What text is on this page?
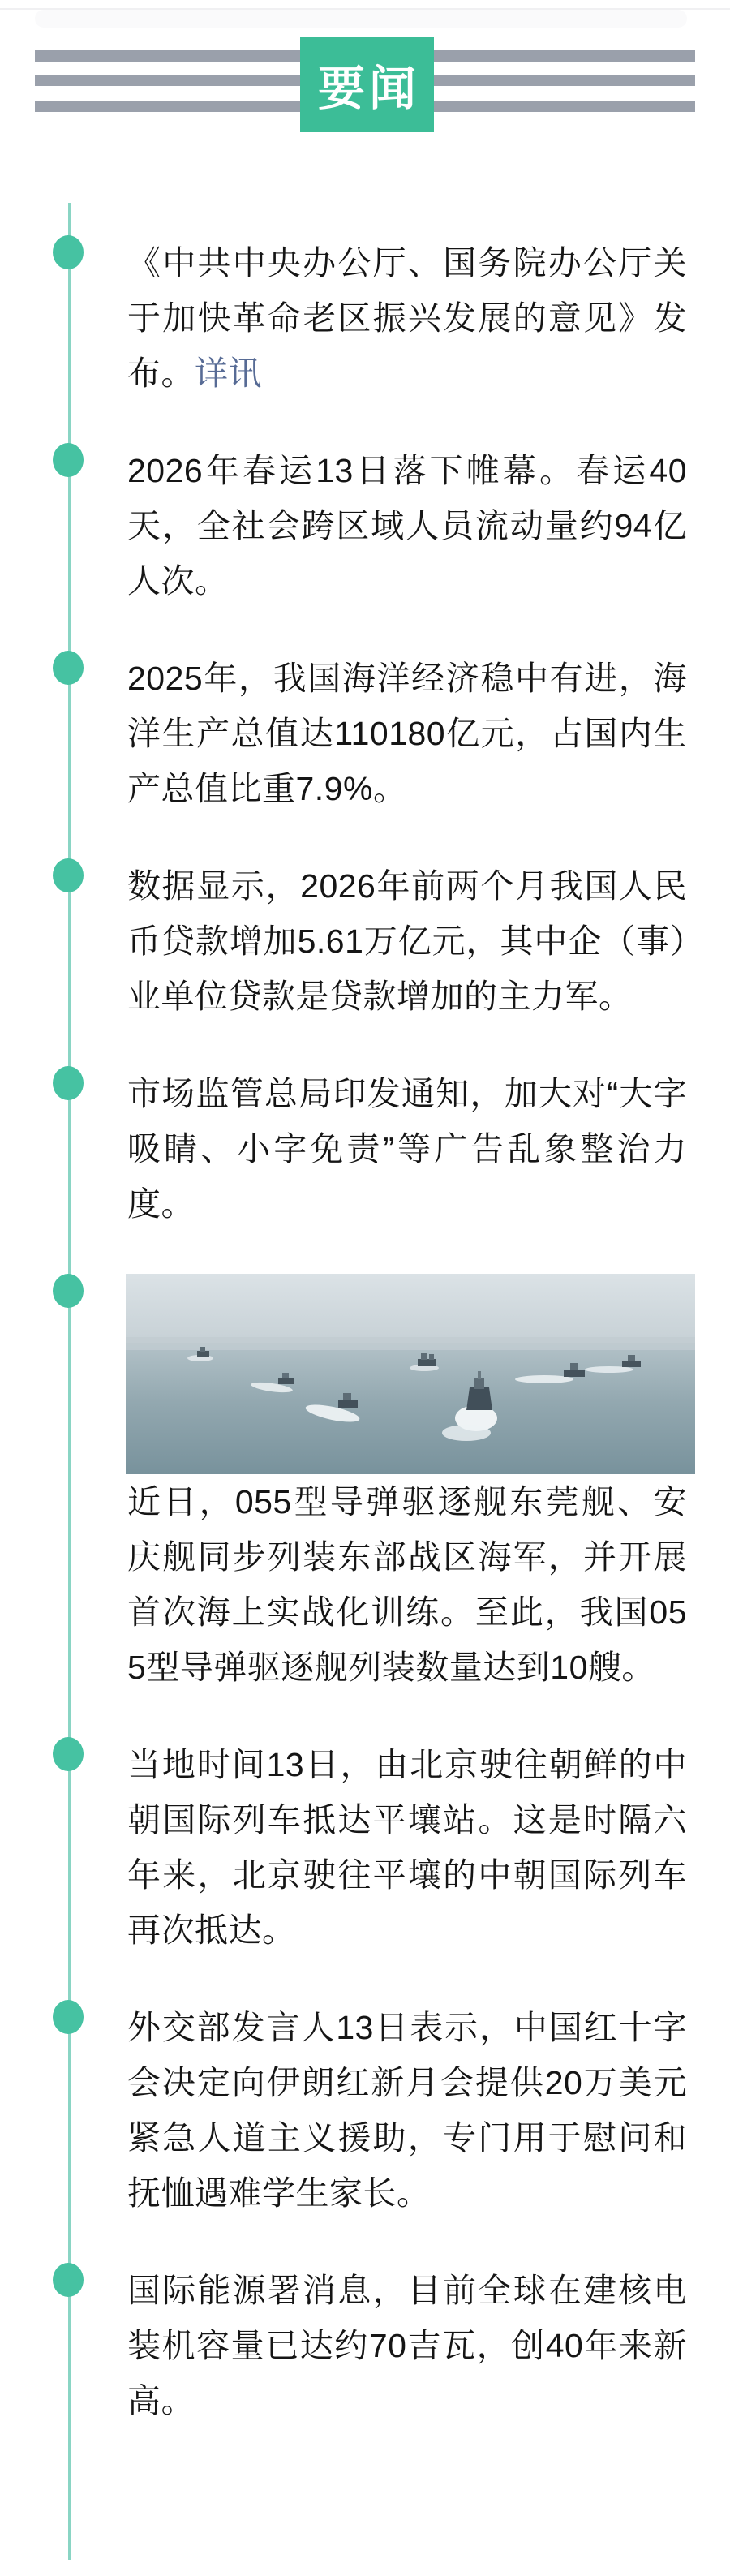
要闻

《中共中央办公厅、国务院办公厅关于加快革命老区振兴发展的意见》发布。详讯

2026年春运13日落下帷幕。春运40天，全社会跨区域人员流动量约94亿人次。

2025年，我国海洋经济稳中有进，海洋生产总值达110180亿元，占国内生产总值比重7.9%。

数据显示，2026年前两个月我国人民币贷款增加5.61万亿元，其中企（事）业单位贷款是贷款增加的主力军。

市场监管总局印发通知，加大对“大字吸睛、小字免责”等广告乱象整治力度。

近日，055型导弹驱逐舰东莞舰、安庆舰同步列装东部战区海军，并开展首次海上实战化训练。至此，我国055型导弹驱逐舰列装数量达到10艘。

当地时间13日，由北京驶往朝鲜的中朝国际列车抵达平壤站。这是时隔六年来，北京驶往平壤的中朝国际列车再次抵达。

外交部发言人13日表示，中国红十字会决定向伊朗红新月会提供20万美元紧急人道主义援助，专门用于慰问和抚恤遇难学生家长。

国际能源署消息，目前全球在建核电装机容量已达约70吉瓦，创40年来新高。
